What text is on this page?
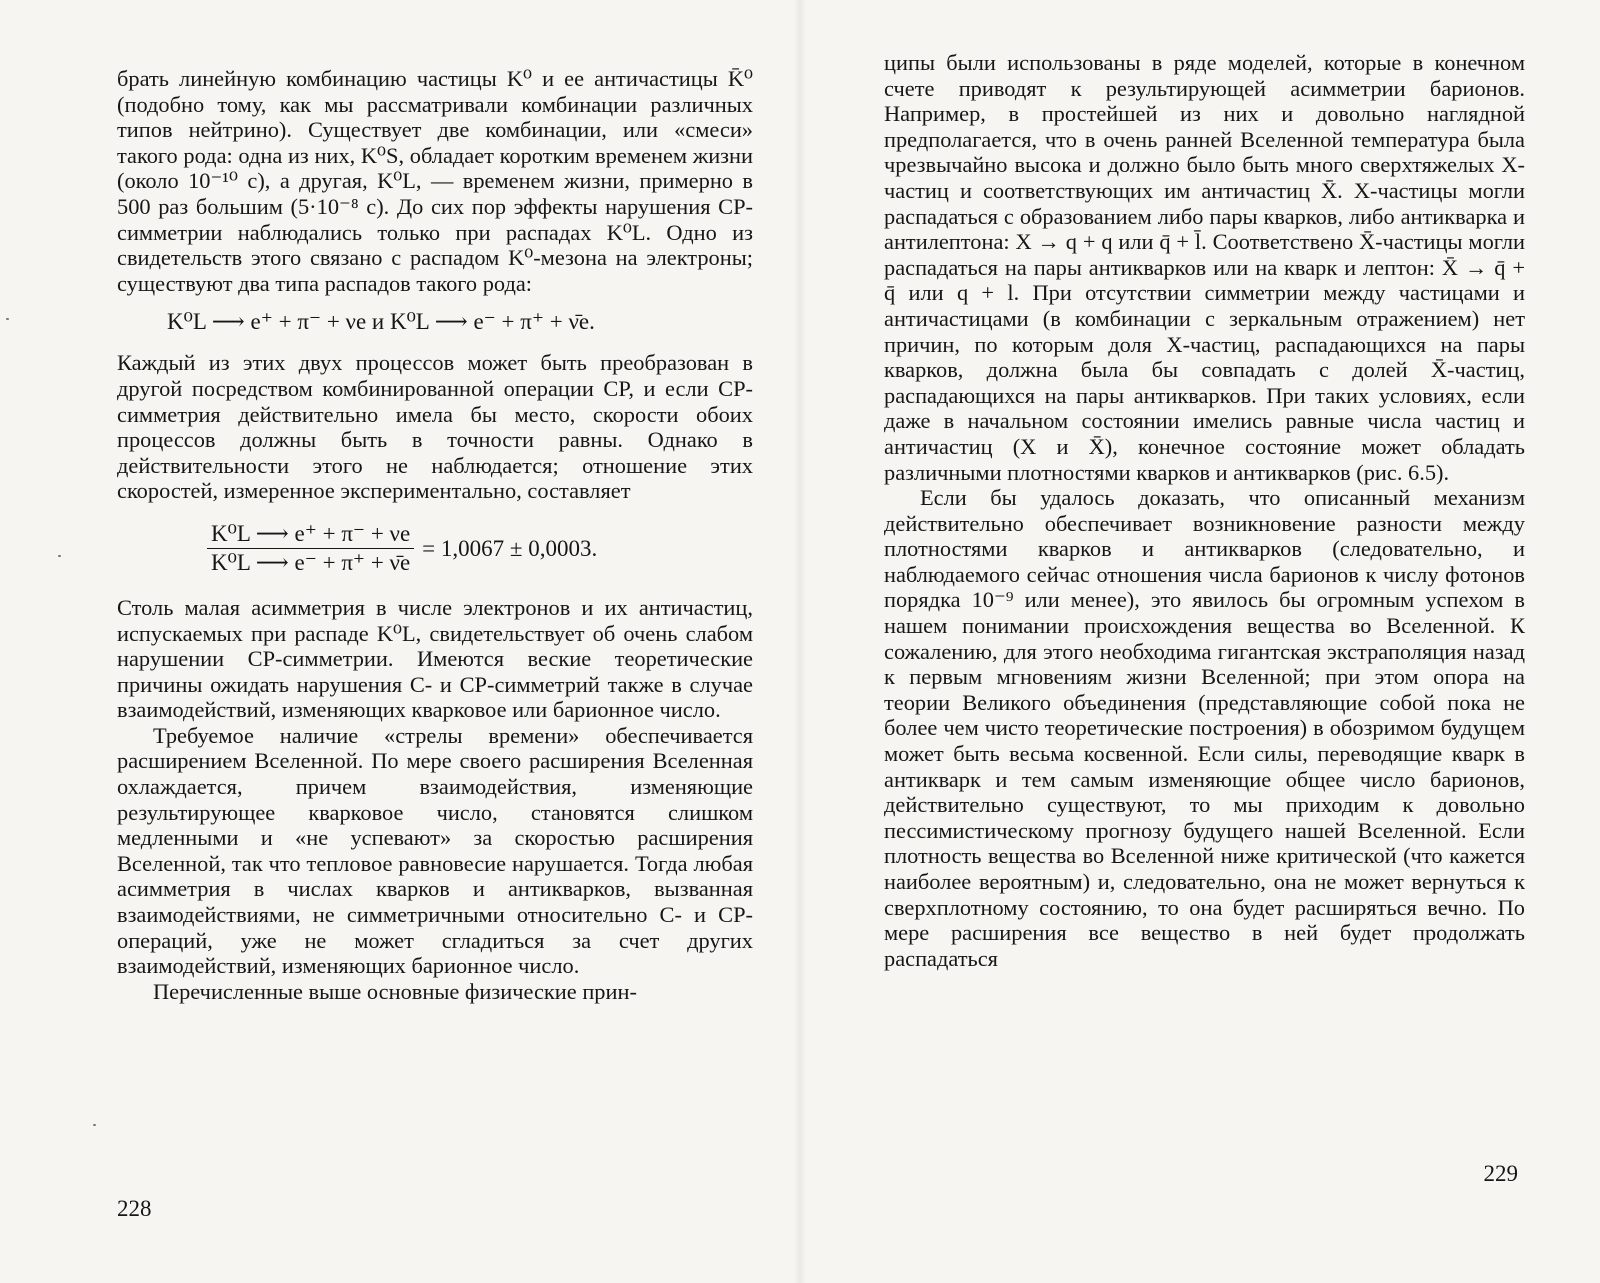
брать линейную комбинацию частицы K⁰ и ее античастицы K̄⁰ (подобно тому, как мы рассматривали комбинации различных типов нейтрино). Существует две комбинации, или «смеси» такого рода: одна из них, K⁰S, обладает коротким временем жизни (около 10⁻¹⁰ с), а другая, K⁰L, — временем жизни, примерно в 500 раз большим (5·10⁻⁸ с). До сих пор эффекты нарушения CP-симметрии наблюдались только при распадах K⁰L. Одно из свидетельств этого связано с распадом K⁰-мезона на электроны; существуют два типа распадов такого рода:

K⁰L ⟶ e⁺ + π⁻ + νe и K⁰L ⟶ e⁻ + π⁺ + ν̄e.

Каждый из этих двух процессов может быть преобразован в другой посредством комбинированной операции CP, и если CP-симметрия действительно имела бы место, скорости обоих процессов должны быть в точности равны. Однако в действительности этого не наблюдается; отношение этих скоростей, измеренное экспериментально, составляет

$\frac{\text{K⁰L ⟶ e⁺ + π⁻ + νe}}{\text{K⁰L ⟶ e⁻ + π⁺ + ν̄e}} = 1,0067 \pm 0,0003$.

Столь малая асимметрия в числе электронов и их античастиц, испускаемых при распаде K⁰L, свидетельствует об очень слабом нарушении CP-симметрии. Имеются веские теоретические причины ожидать нарушения C- и CP-симметрий также в случае взаимодействий, изменяющих кварковое или барионное число.

Требуемое наличие «стрелы времени» обеспечивается расширением Вселенной. По мере своего расширения Вселенная охлаждается, причем взаимодействия, изменяющие результирующее кварковое число, становятся слишком медленными и «не успевают» за скоростью расширения Вселенной, так что тепловое равновесие нарушается. Тогда любая асимметрия в числах кварков и антикварков, вызванная взаимодействиями, не симметричными относительно C- и CP-операций, уже не может сгладиться за счет других взаимодействий, изменяющих барионное число.

Перечисленные выше основные физические прин-

228

ципы были использованы в ряде моделей, которые в конечном счете приводят к результирующей асимметрии барионов. Например, в простейшей из них и довольно наглядной предполагается, что в очень ранней Вселенной температура была чрезвычайно высока и должно было быть много сверхтяжелых X-частиц и соответствующих им античастиц X̄. X-частицы могли распадаться с образованием либо пары кварков, либо антикварка и антилептона: X → q + q или q̄ + l̄. Соответствено X̄-частицы могли распадаться на пары антикварков или на кварк и лептон: X̄ → q̄ + q̄ или q + l. При отсутствии симметрии между частицами и античастицами (в комбинации с зеркальным отражением) нет причин, по которым доля X-частиц, распадающихся на пары кварков, должна была бы совпадать с долей X̄-частиц, распадающихся на пары антикварков. При таких условиях, если даже в начальном состоянии имелись равные числа частиц и античастиц (X и X̄), конечное состояние может обладать различными плотностями кварков и антикварков (рис. 6.5).

Если бы удалось доказать, что описанный механизм действительно обеспечивает возникновение разности между плотностями кварков и антикварков (следовательно, и наблюдаемого сейчас отношения числа барионов к числу фотонов порядка 10⁻⁹ или менее), это явилось бы огромным успехом в нашем понимании происхождения вещества во Вселенной. К сожалению, для этого необходима гигантская экстраполяция назад к первым мгновениям жизни Вселенной; при этом опора на теории Великого объединения (представляющие собой пока не более чем чисто теоретические построения) в обозримом будущем может быть весьма косвенной. Если силы, переводящие кварк в антикварк и тем самым изменяющие общее число барионов, действительно существуют, то мы приходим к довольно пессимистическому прогнозу будущего нашей Вселенной. Если плотность вещества во Вселенной ниже критической (что кажется наиболее вероятным) и, следовательно, она не может вернуться к сверхплотному состоянию, то она будет расширяться вечно. По мере расширения все вещество в ней будет продолжать распадаться

229
